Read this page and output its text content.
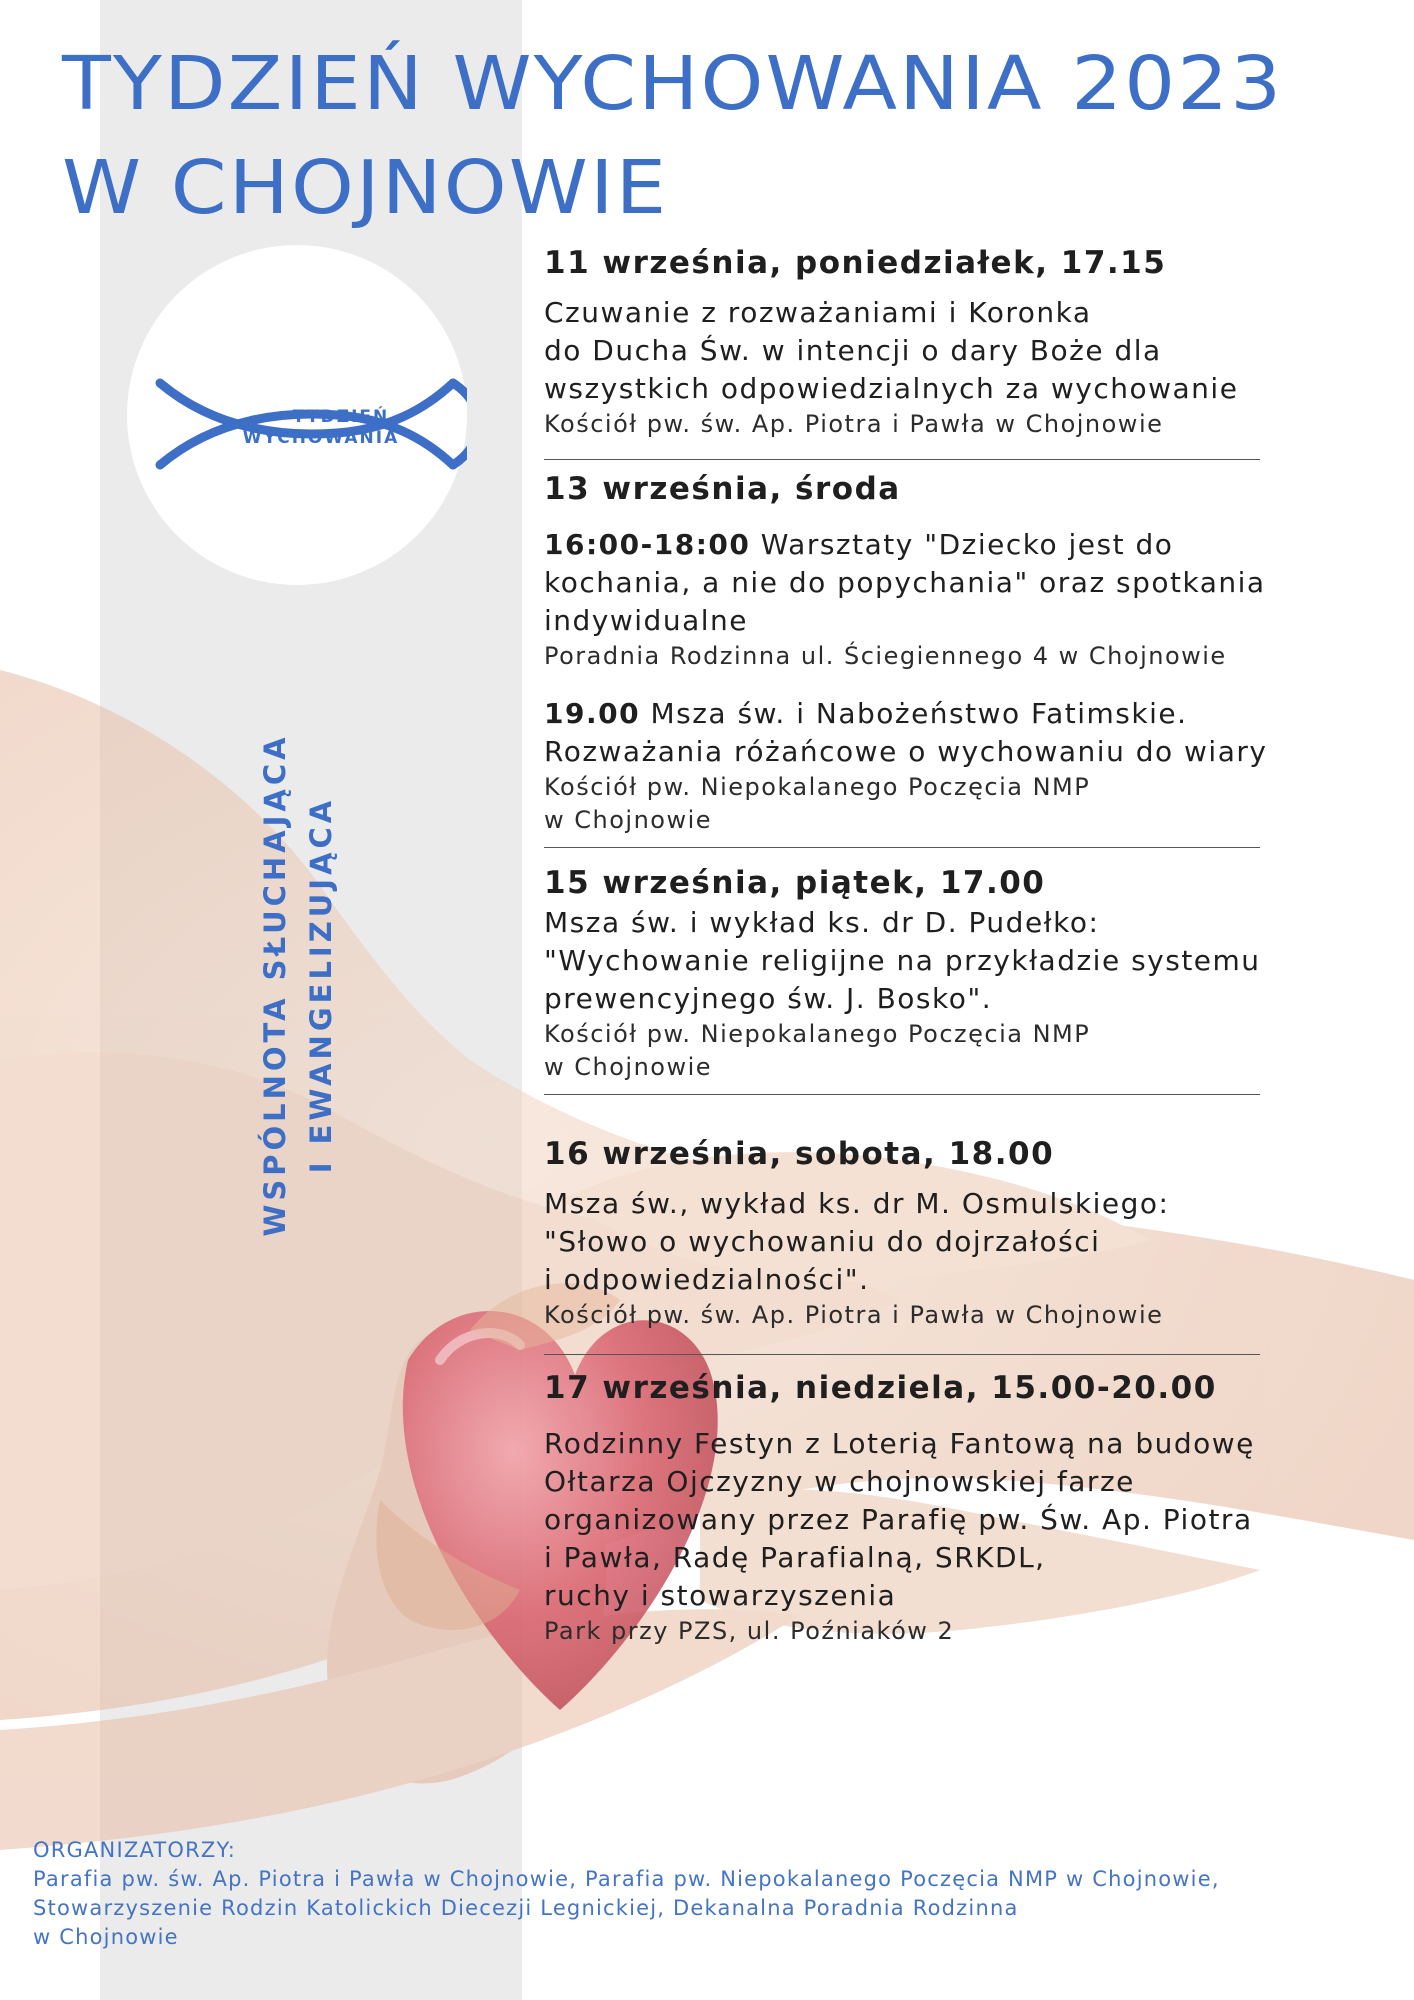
TYDZIEŃ WYCHOWANIA 2023
W CHOJNOWIE
TYDZIEŃ
WYCHOWANIA
WSPÓLNOTA SŁUCHAJĄCA I EWANGELIZUJĄCA
11 września, poniedziałek, 17.15
Czuwanie z rozważaniami i Koronka
do Ducha Św. w intencji o dary Boże dla
wszystkich odpowiedzialnych za wychowanie
Kościół pw. św. Ap. Piotra i Pawła w Chojnowie
13 września, środa
16:00-18:00 Warsztaty "Dziecko jest do
kochania, a nie do popychania" oraz spotkania
indywidualne
Poradnia Rodzinna ul. Ściegiennego 4 w Chojnowie
19.00 Msza św. i Nabożeństwo Fatimskie.
Rozważania różańcowe o wychowaniu do wiary
Kościół pw. Niepokalanego Poczęcia NMP
w Chojnowie
15 września, piątek, 17.00
Msza św. i wykład ks. dr D. Pudełko:
"Wychowanie religijne na przykładzie systemu
prewencyjnego św. J. Bosko".
Kościół pw. Niepokalanego Poczęcia NMP
w Chojnowie
16 września, sobota, 18.00
Msza św., wykład ks. dr M. Osmulskiego:
"Słowo o wychowaniu do dojrzałości
i odpowiedzialności".
Kościół pw. św. Ap. Piotra i Pawła w Chojnowie
17 września, niedziela, 15.00-20.00
Rodzinny Festyn z Loterią Fantową na budowę
Ołtarza Ojczyzny w chojnowskiej farze
organizowany przez Parafię pw. Św. Ap. Piotra
i Pawła, Radę Parafialną, SRKDL,
ruchy i stowarzyszenia
Park przy PZS, ul. Poźniaków 2
ORGANIZATORZY:
Parafia pw. św. Ap. Piotra i Pawła w Chojnowie, Parafia pw. Niepokalanego Poczęcia NMP w Chojnowie,
Stowarzyszenie Rodzin Katolickich Diecezji Legnickiej, Dekanalna Poradnia Rodzinna
w Chojnowie
